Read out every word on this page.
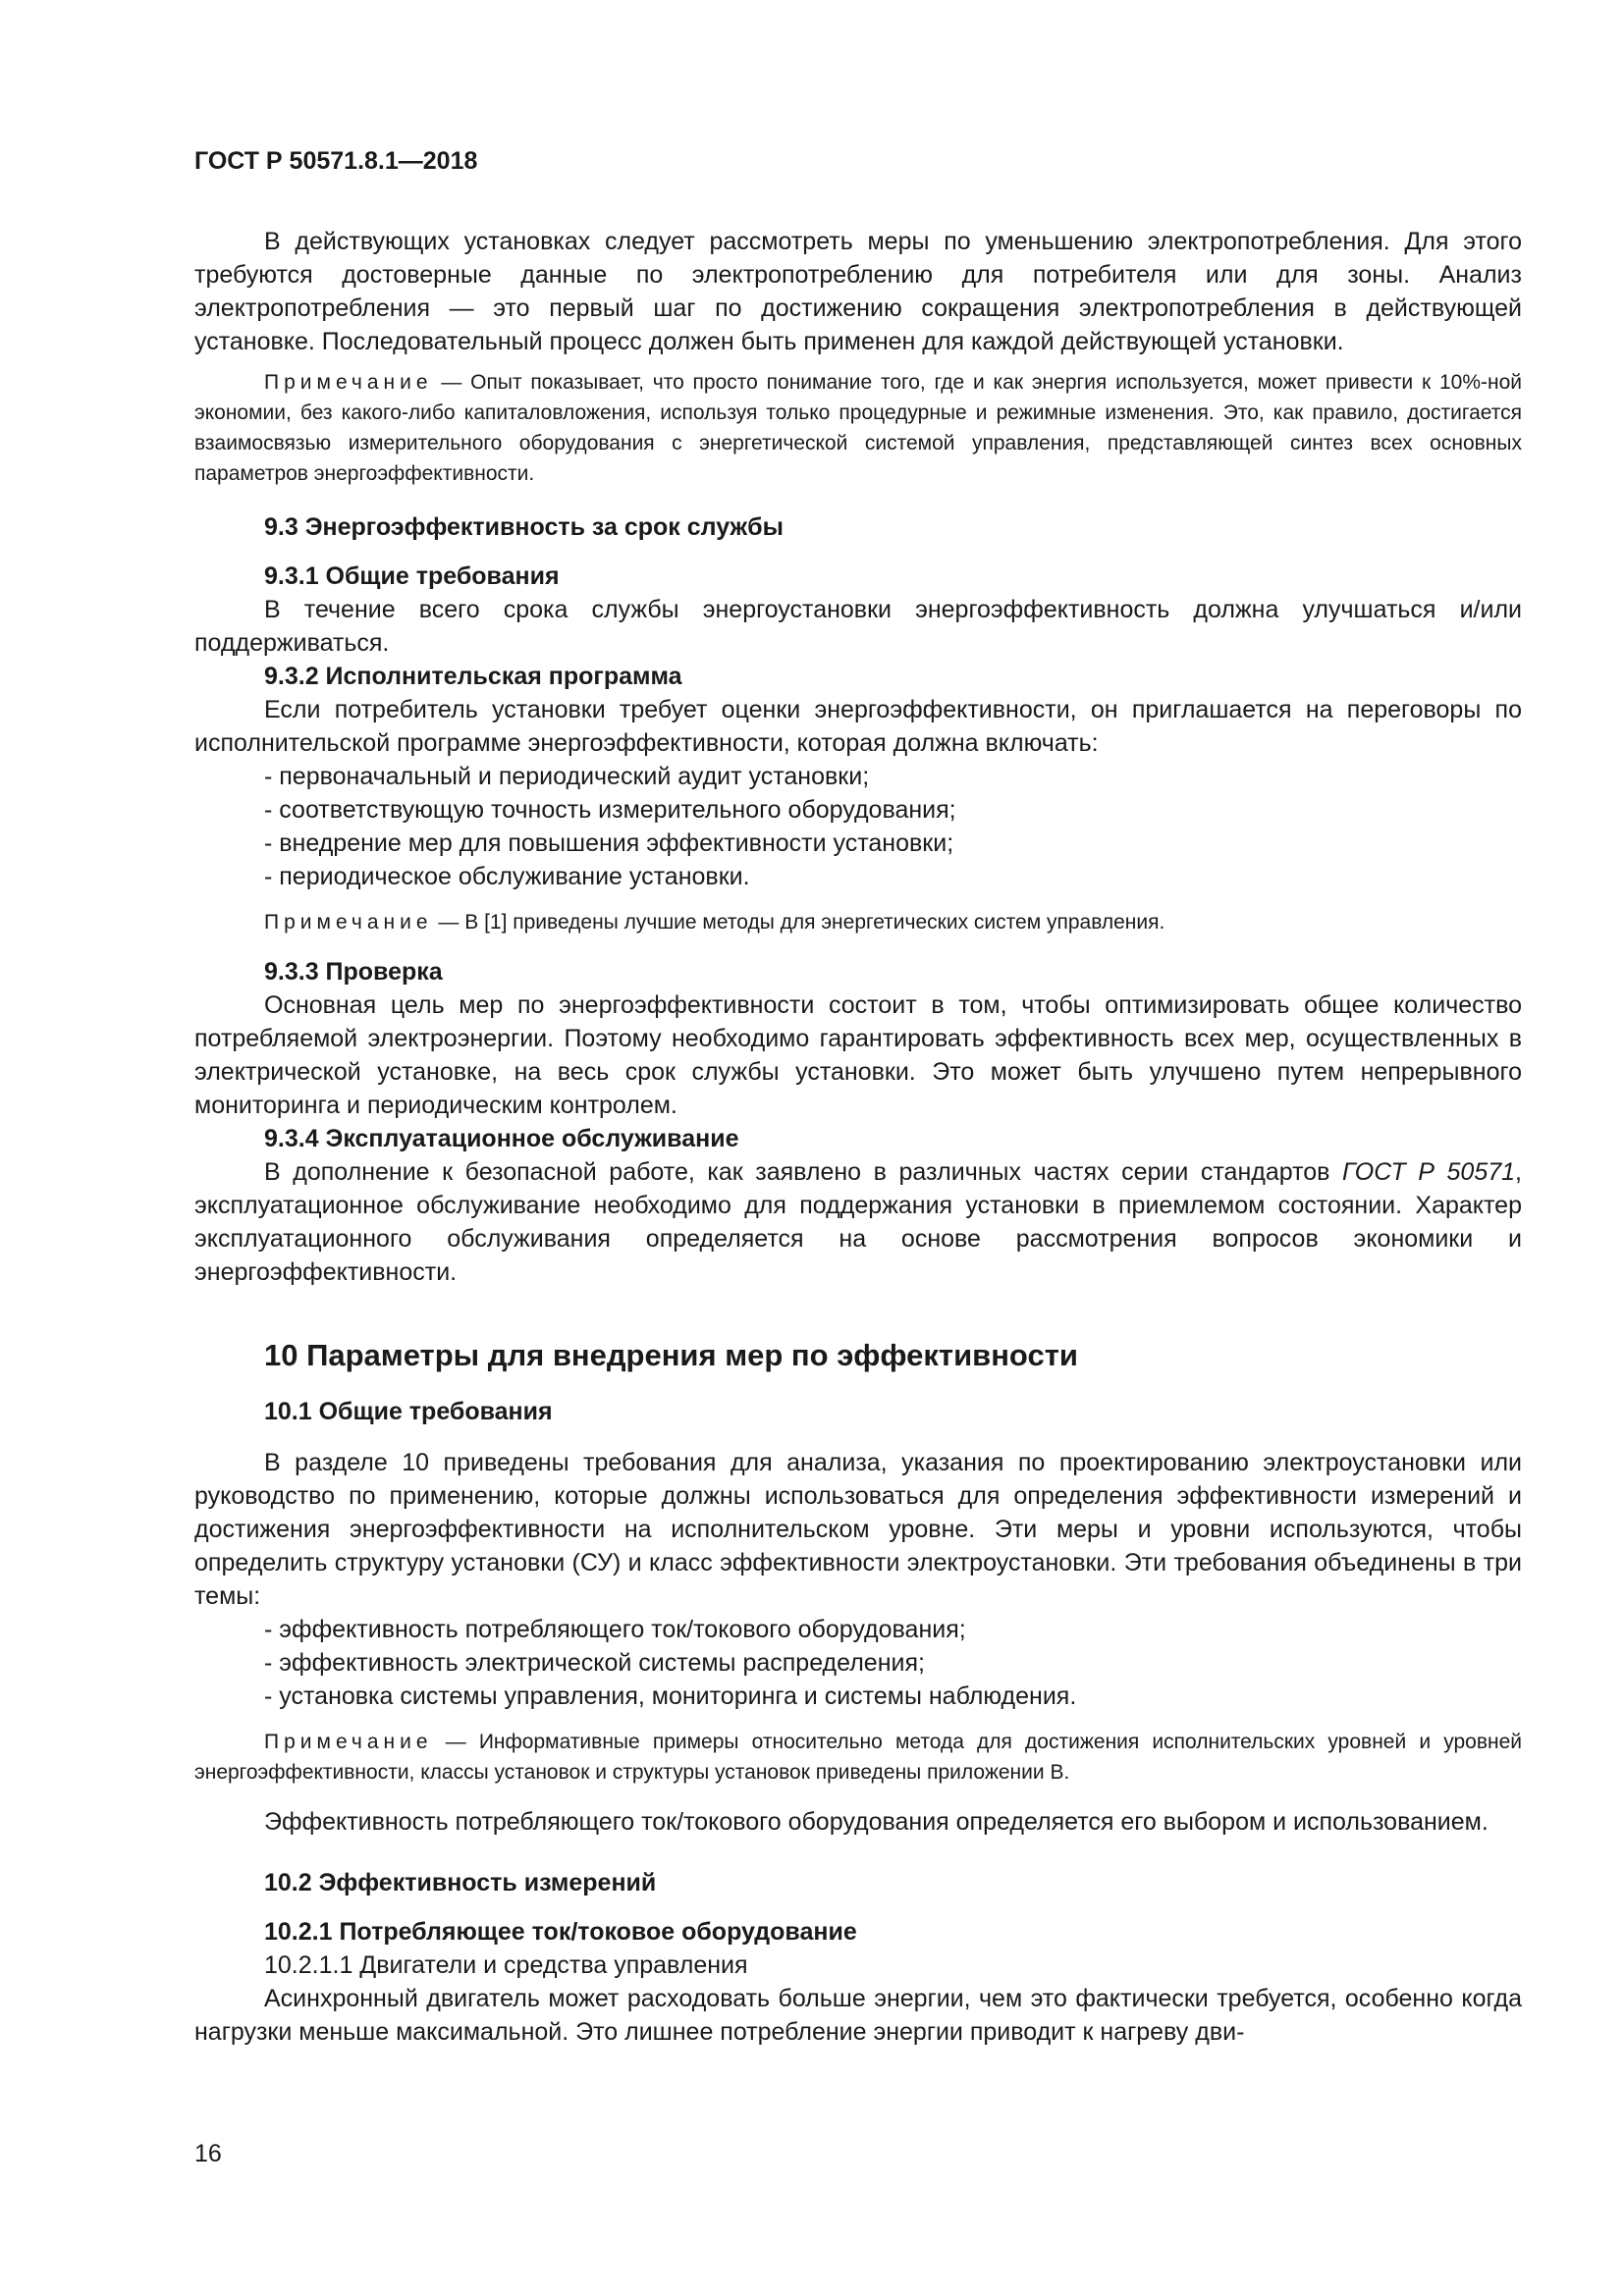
ГОСТ Р 50571.8.1—2018

В действующих установках следует рассмотреть меры по уменьшению электропотребления. Для этого требуются достоверные данные по электропотреблению для потребителя или для зоны. Анализ электропотребления — это первый шаг по достижению сокращения электропотребления в действующей установке. Последовательный процесс должен быть применен для каждой действующей установки.

Примечание — Опыт показывает, что просто понимание того, где и как энергия используется, может привести к 10%-ной экономии, без какого-либо капиталовложения, используя только процедурные и режимные изменения. Это, как правило, достигается взаимосвязью измерительного оборудования с энергетической системой управления, представляющей синтез всех основных параметров энергоэффективности.
9.3 Энергоэффективность за срок службы
9.3.1 Общие требования

В течение всего срока службы энергоустановки энергоэффективность должна улучшаться и/или поддерживаться.

9.3.2 Исполнительская программа

Если потребитель установки требует оценки энергоэффективности, он приглашается на переговоры по исполнительской программе энергоэффективности, которая должна включать:

- первоначальный и периодический аудит установки;
- соответствующую точность измерительного оборудования;
- внедрение мер для повышения эффективности установки;
- периодическое обслуживание установки.
Примечание — В [1] приведены лучшие методы для энергетических систем управления.
9.3.3 Проверка

Основная цель мер по энергоэффективности состоит в том, чтобы оптимизировать общее количество потребляемой электроэнергии. Поэтому необходимо гарантировать эффективность всех мер, осуществленных в электрической установке, на весь срок службы установки. Это может быть улучшено путем непрерывного мониторинга и периодическим контролем.

9.3.4 Эксплуатационное обслуживание

В дополнение к безопасной работе, как заявлено в различных частях серии стандартов ГОСТ Р 50571, эксплуатационное обслуживание необходимо для поддержания установки в приемлемом состоянии. Характер эксплуатационного обслуживания определяется на основе рассмотрения вопросов экономики и энергоэффективности.

10 Параметры для внедрения мер по эффективности
10.1 Общие требования

В разделе 10 приведены требования для анализа, указания по проектированию электроустановки или руководство по применению, которые должны использоваться для определения эффективности измерений и достижения энергоэффективности на исполнительском уровне. Эти меры и уровни используются, чтобы определить структуру установки (СУ) и класс эффективности электроустановки. Эти требования объединены в три темы:

- эффективность потребляющего ток/токового оборудования;
- эффективность электрической системы распределения;
- установка системы управления, мониторинга и системы наблюдения.
Примечание — Информативные примеры относительно метода для достижения исполнительских уровней и уровней энергоэффективности, классы установок и структуры установок приведены приложении В.

Эффективность потребляющего ток/токового оборудования определяется его выбором и использованием.

10.2 Эффективность измерений
10.2.1 Потребляющее ток/токовое оборудование

10.2.1.1 Двигатели и средства управления

Асинхронный двигатель может расходовать больше энергии, чем это фактически требуется, особенно когда нагрузки меньше максимальной. Это лишнее потребление энергии приводит к нагреву дви-

16
